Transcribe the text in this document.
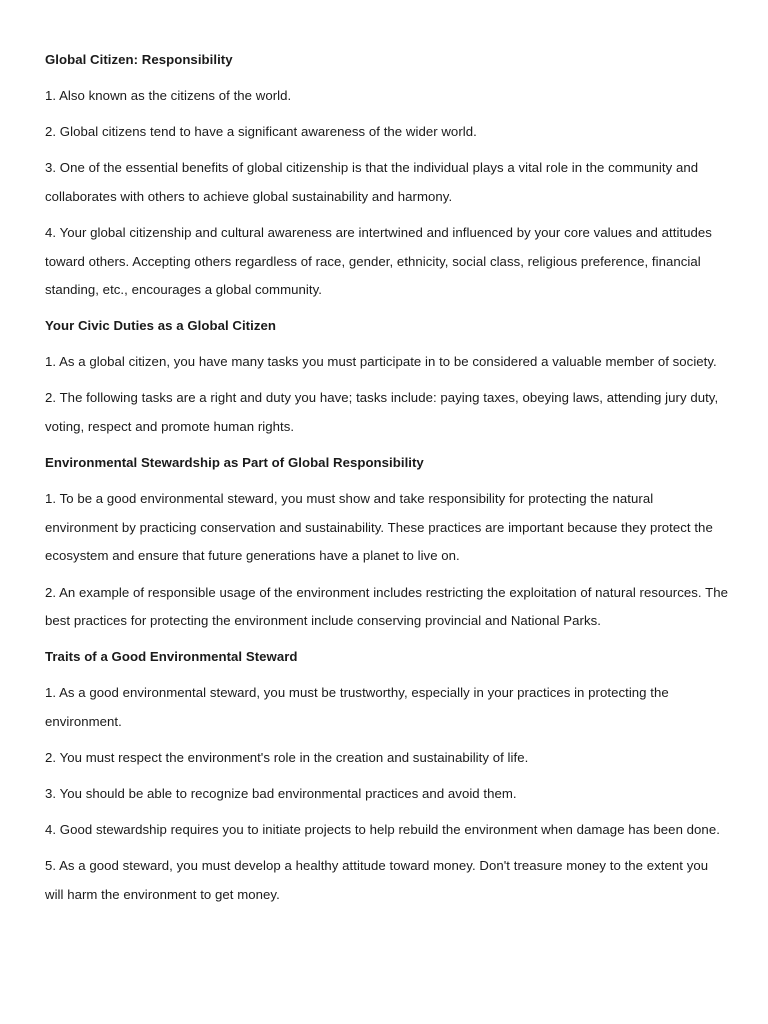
Global Citizen: Responsibility

1. Also known as the citizens of the world.

2. Global citizens tend to have a significant awareness of the wider world.

3. One of the essential benefits of global citizenship is that the individual plays a vital role in the community and collaborates with others to achieve global sustainability and harmony.

4. Your global citizenship and cultural awareness are intertwined and influenced by your core values and attitudes toward others. Accepting others regardless of race, gender, ethnicity, social class, religious preference, financial standing, etc., encourages a global community.

Your Civic Duties as a Global Citizen

1. As a global citizen, you have many tasks you must participate in to be considered a valuable member of society.

2. The following tasks are a right and duty you have; tasks include: paying taxes, obeying laws, attending jury duty, voting, respect and promote human rights.

Environmental Stewardship as Part of Global Responsibility

1. To be a good environmental steward, you must show and take responsibility for protecting the natural environment by practicing conservation and sustainability. These practices are important because they protect the ecosystem and ensure that future generations have a planet to live on.

2. An example of responsible usage of the environment includes restricting the exploitation of natural resources. The best practices for protecting the environment include conserving provincial and National Parks.

Traits of a Good Environmental Steward

1. As a good environmental steward, you must be trustworthy, especially in your practices in protecting the environment.

2. You must respect the environment's role in the creation and sustainability of life.

3. You should be able to recognize bad environmental practices and avoid them.

4. Good stewardship requires you to initiate projects to help rebuild the environment when damage has been done.

5. As a good steward, you must develop a healthy attitude toward money. Don't treasure money to the extent you will harm the environment to get money.
